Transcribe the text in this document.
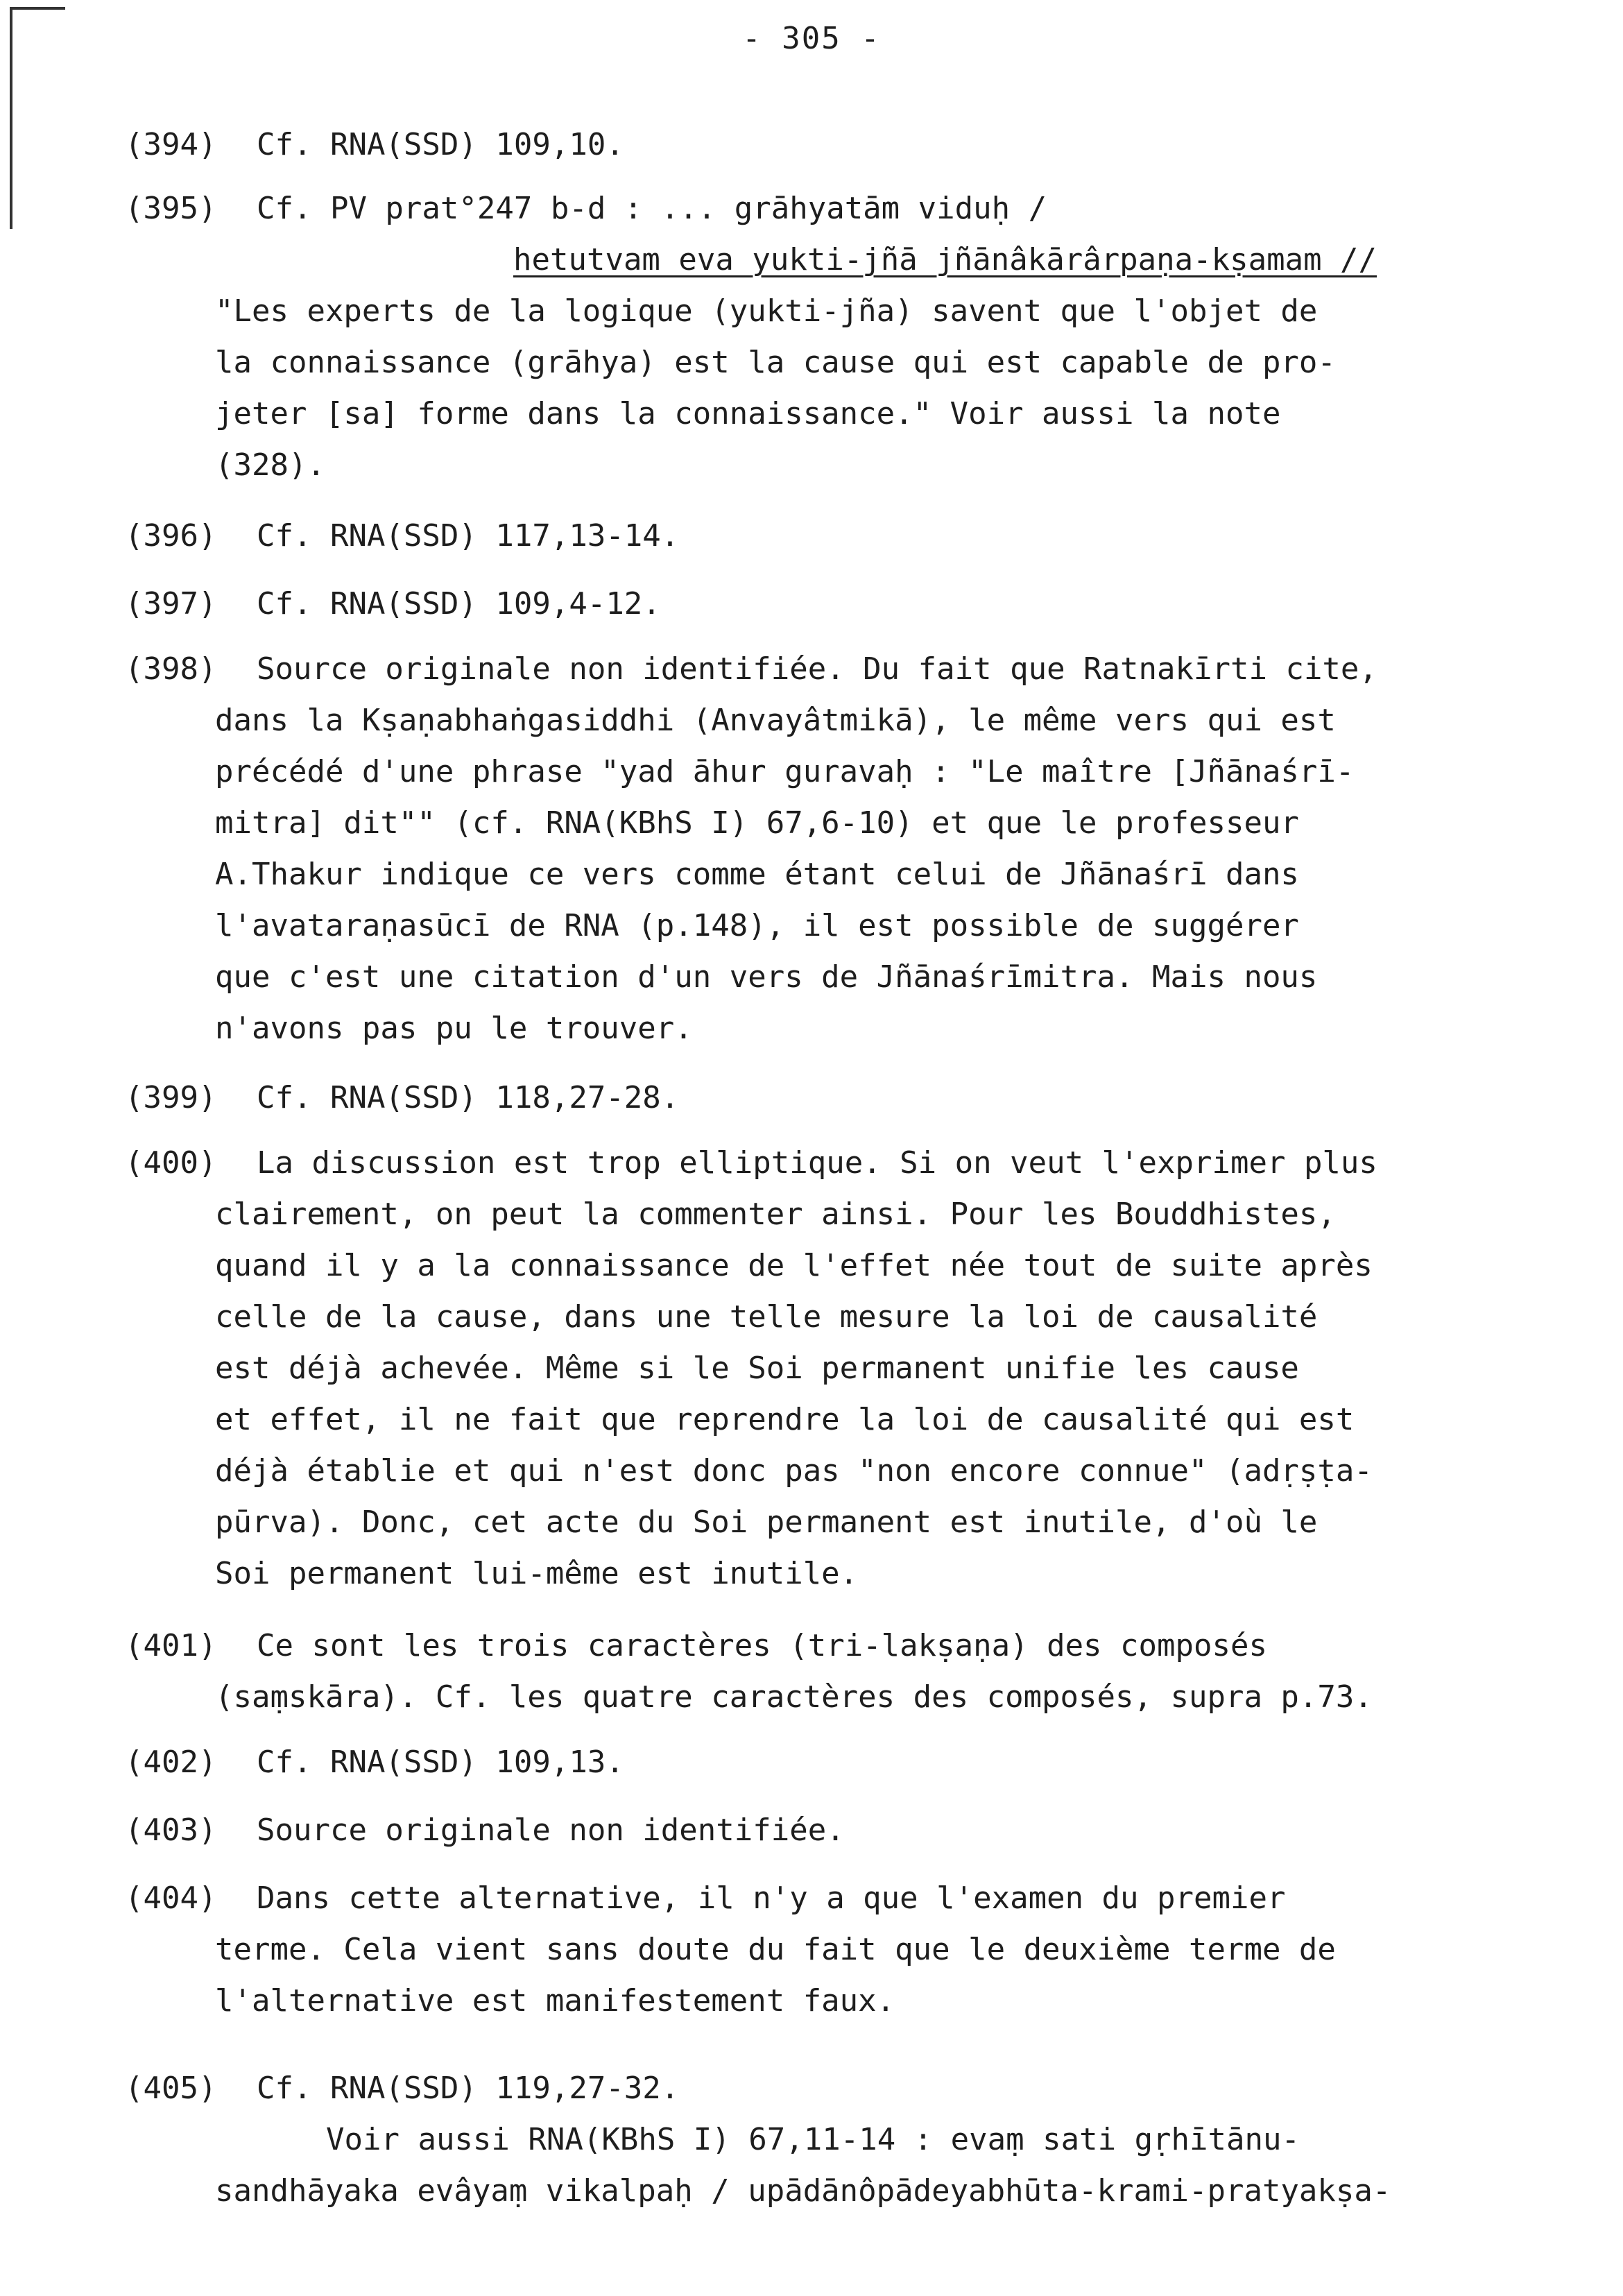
- 305 -
(394) Cf. RNA(SSD) 109,10.
(395) Cf. PV prat°247 b-d : ... grāhyatām viduḥ /
hetutvam eva yukti-jñā jñānâkārârpaṇa-kṣamam //
"Les experts de la logique (yukti-jña) savent que l'objet de
la connaissance (grāhya) est la cause qui est capable de pro-
jeter [sa] forme dans la connaissance." Voir aussi la note
(328).
(396) Cf. RNA(SSD) 117,13-14.
(397) Cf. RNA(SSD) 109,4-12.
(398) Source originale non identifiée. Du fait que Ratnakīrti cite,
dans la Kṣaṇabhaṅgasiddhi (Anvayâtmikā), le même vers qui est
précédé d'une phrase "yad āhur guravaḥ : "Le maître [Jñānaśrī-
mitra] dit"" (cf. RNA(KBhS I) 67,6-10) et que le professeur
A.Thakur indique ce vers comme étant celui de Jñānaśrī dans
l'avataraṇasūcī de RNA (p.148), il est possible de suggérer
que c'est une citation d'un vers de Jñānaśrīmitra. Mais nous
n'avons pas pu le trouver.
(399) Cf. RNA(SSD) 118,27-28.
(400) La discussion est trop elliptique. Si on veut l'exprimer plus
clairement, on peut la commenter ainsi. Pour les Bouddhistes,
quand il y a la connaissance de l'effet née tout de suite après
celle de la cause, dans une telle mesure la loi de causalité
est déjà achevée. Même si le Soi permanent unifie les cause
et effet, il ne fait que reprendre la loi de causalité qui est
déjà établie et qui n'est donc pas "non encore connue" (adṛṣṭa-
pūrva). Donc, cet acte du Soi permanent est inutile, d'où le
Soi permanent lui-même est inutile.
(401) Ce sont les trois caractères (tri-lakṣaṇa) des composés
(saṃskāra). Cf. les quatre caractères des composés, supra p.73.
(402) Cf. RNA(SSD) 109,13.
(403) Source originale non identifiée.
(404) Dans cette alternative, il n'y a que l'examen du premier
terme. Cela vient sans doute du fait que le deuxième terme de
l'alternative est manifestement faux.
(405) Cf. RNA(SSD) 119,27-32.
Voir aussi RNA(KBhS I) 67,11-14 : evaṃ sati gṛhītānu-
sandhāyaka evâyaṃ vikalpaḥ / upādānôpādeyabhūta-krami-pratyakṣa-
